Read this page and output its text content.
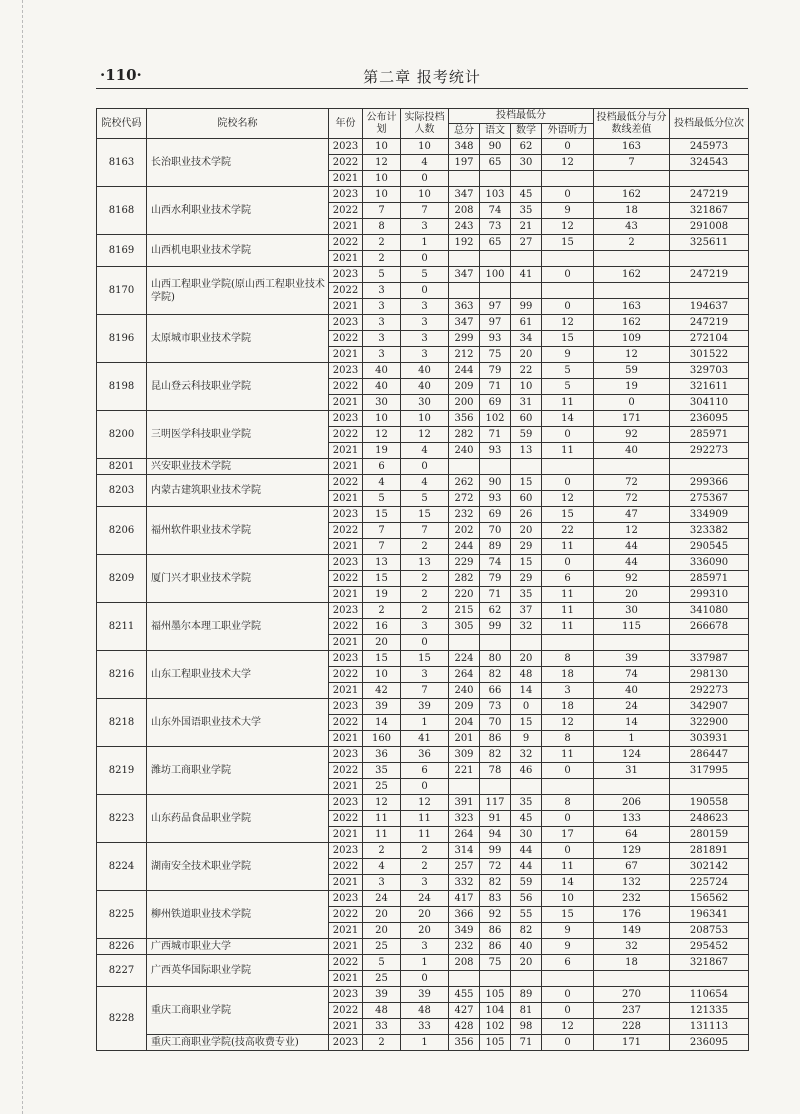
·110·	第二章 报考统计
院校代码	院校名称	年份	公布计划	实际投档人数	投档最低分				投档最低分与分数线差值	投档最低分位次
					总分	语文	数学	外语听力		
8163	长治职业技术学院	2023	10	10	348	90	62	0	163	245973
		2022	12	4	197	65	30	12	7	324543
		2021	10	0						
8168	山西水利职业技术学院	2023	10	10	347	103	45	0	162	247219
		2022	7	7	208	74	35	9	18	321867
		2021	8	3	243	73	21	12	43	291008
8169	山西机电职业技术学院	2022	2	1	192	65	27	15	2	325611
		2021	2	0						
8170	山西工程职业学院(原山西工程职业技术学院)	2023	5	5	347	100	41	0	162	247219
		2022	3	0						
		2021	3	3	363	97	99	0	163	194637
8196	太原城市职业技术学院	2023	3	3	347	97	61	12	162	247219
		2022	3	3	299	93	34	15	109	272104
		2021	3	3	212	75	20	9	12	301522
8198	昆山登云科技职业学院	2023	40	40	244	79	22	5	59	329703
		2022	40	40	209	71	10	5	19	321611
		2021	30	30	200	69	31	11	0	304110
8200	三明医学科技职业学院	2023	10	10	356	102	60	14	171	236095
		2022	12	12	282	71	59	0	92	285971
		2021	19	4	240	93	13	11	40	292273
8201	兴安职业技术学院	2021	6	0						
8203	内蒙古建筑职业技术学院	2022	4	4	262	90	15	0	72	299366
		2021	5	5	272	93	60	12	72	275367
8206	福州软件职业技术学院	2023	15	15	232	69	26	15	47	334909
		2022	7	7	202	70	20	22	12	323382
		2021	7	2	244	89	29	11	44	290545
8209	厦门兴才职业技术学院	2023	13	13	229	74	15	0	44	336090
		2022	15	2	282	79	29	6	92	285971
		2021	19	2	220	71	35	11	20	299310
8211	福州墨尔本理工职业学院	2023	2	2	215	62	37	11	30	341080
		2022	16	3	305	99	32	11	115	266678
		2021	20	0						
8216	山东工程职业技术大学	2023	15	15	224	80	20	8	39	337987
		2022	10	3	264	82	48	18	74	298130
		2021	42	7	240	66	14	3	40	292273
8218	山东外国语职业技术大学	2023	39	39	209	73	0	18	24	342907
		2022	14	1	204	70	15	12	14	322900
		2021	160	41	201	86	9	8	1	303931
8219	潍坊工商职业学院	2023	36	36	309	82	32	11	124	286447
		2022	35	6	221	78	46	0	31	317995
		2021	25	0						
8223	山东药品食品职业学院	2023	12	12	391	117	35	8	206	190558
		2022	11	11	323	91	45	0	133	248623
		2021	11	11	264	94	30	17	64	280159
8224	湖南安全技术职业学院	2023	2	2	314	99	44	0	129	281891
		2022	4	2	257	72	44	11	67	302142
		2021	3	3	332	82	59	14	132	225724
8225	柳州铁道职业技术学院	2023	24	24	417	83	56	10	232	156562
		2022	20	20	366	92	55	15	176	196341
		2021	20	20	349	86	82	9	149	208753
8226	广西城市职业大学	2021	25	3	232	86	40	9	32	295452
8227	广西英华国际职业学院	2022	5	1	208	75	20	6	18	321867
		2021	25	0						
8228	重庆工商职业学院	2023	39	39	455	105	89	0	270	110654
		2022	48	48	427	104	81	0	237	121335
		2021	33	33	428	102	98	12	228	131113
	重庆工商职业学院(技高收费专业)	2023	2	1	356	105	71	0	171	236095
